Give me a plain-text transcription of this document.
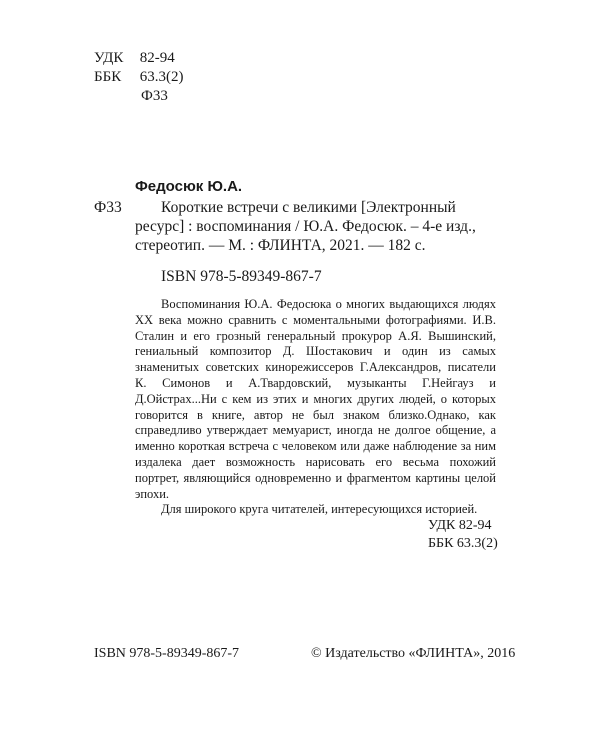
УДК 82-94
ББК 63.3(2)
Ф33
Федосюк Ю.А.
Ф33	Короткие встречи с великими [Электронный
ресурс] : воспоминания / Ю.А. Федосюк. – 4-е изд.,
стереотип. — М. : ФЛИНТА, 2021. — 182 с.
ISBN 978-5-89349-867-7

Воспоминания Ю.А. Федосюка о многих выдающихся людях XX века можно сравнить с моментальными фотографиями. И.В. Сталин и его грозный генеральный прокурор А.Я. Вышинский, гениальный композитор Д. Шостакович и один из самых знаменитых советских кинорежиссеров Г.Александров, писатели К. Симонов и А.Твардовский, музыканты Г.Нейгауз и Д.Ойстрах...Ни с кем из этих и многих других людей, о которых говорится в книге, автор не был знаком близко.Однако, как справедливо утверждает мемуарист, иногда не долгое общение, а именно короткая встреча с человеком или даже наблюдение за ним издалека дает возможность нарисовать его весьма похожий портрет, являющийся одновременно и фрагментом картины целой эпохи.

Для широкого круга читателей, интересующихся историей.

УДК 82-94
ББК 63.3(2)
ISBN 978-5-89349-867-7	© Издательство «ФЛИНТА», 2016
